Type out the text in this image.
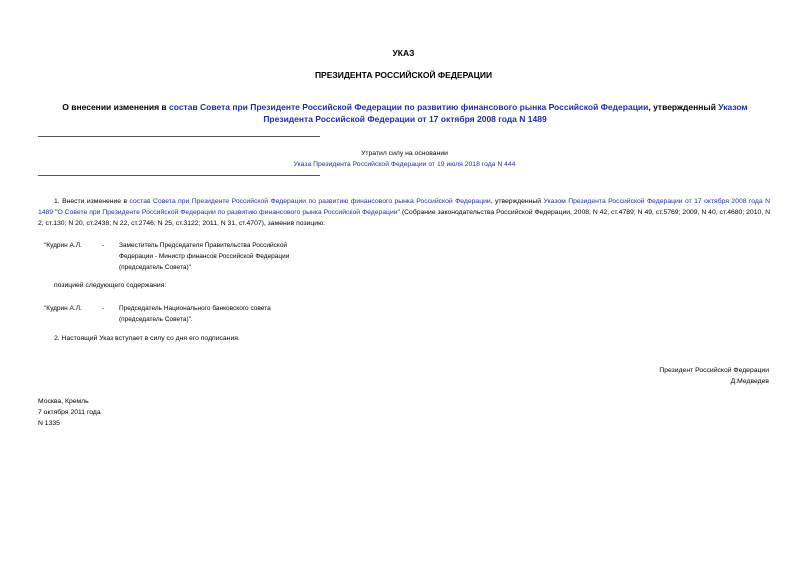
УКАЗ
ПРЕЗИДЕНТА РОССИЙСКОЙ ФЕДЕРАЦИИ
О внесении изменения в состав Совета при Президенте Российской Федерации по развитию финансового рынка Российской Федерации, утвержденный Указом Президента Российской Федерации от 17 октября 2008 года N 1489
Утратил силу на основании
Указа Президента Российской Федерации от 19 июля 2018 года N 444
1. Внести изменение в состав Совета при Президенте Российской Федерации по развитию финансового рынка Российской Федерации, утвержденный Указом Президента Российской Федерации от 17 октября 2008 года N 1489 "О Совете при Президенте Российской Федерации по развитию финансового рынка Российской Федерации" (Собрание законодательства Российской Федерации, 2008, N 42, ст.4789; N 49, ст.5769; 2009, N 40, ст.4680; 2010, N 2, ст.130; N 20, ст.2438; N 22, ст.2746; N 25, ст.3122; 2011, N 31, ст.4707), заменив позицию:
"Кудрин А.Л.	- Заместитель Председателя Правительства Российской
Федерации - Министр финансов Российской Федерации
(председатель Совета)"
позицией следующего содержания:
"Кудрин А.Л.	- Председатель Национального банковского совета
(председатель Совета)".
2. Настоящий Указ вступает в силу со дня его подписания.
Президент Российской Федерации
Д.Медведев
Москва, Кремль
7 октября 2011 года
N 1335
